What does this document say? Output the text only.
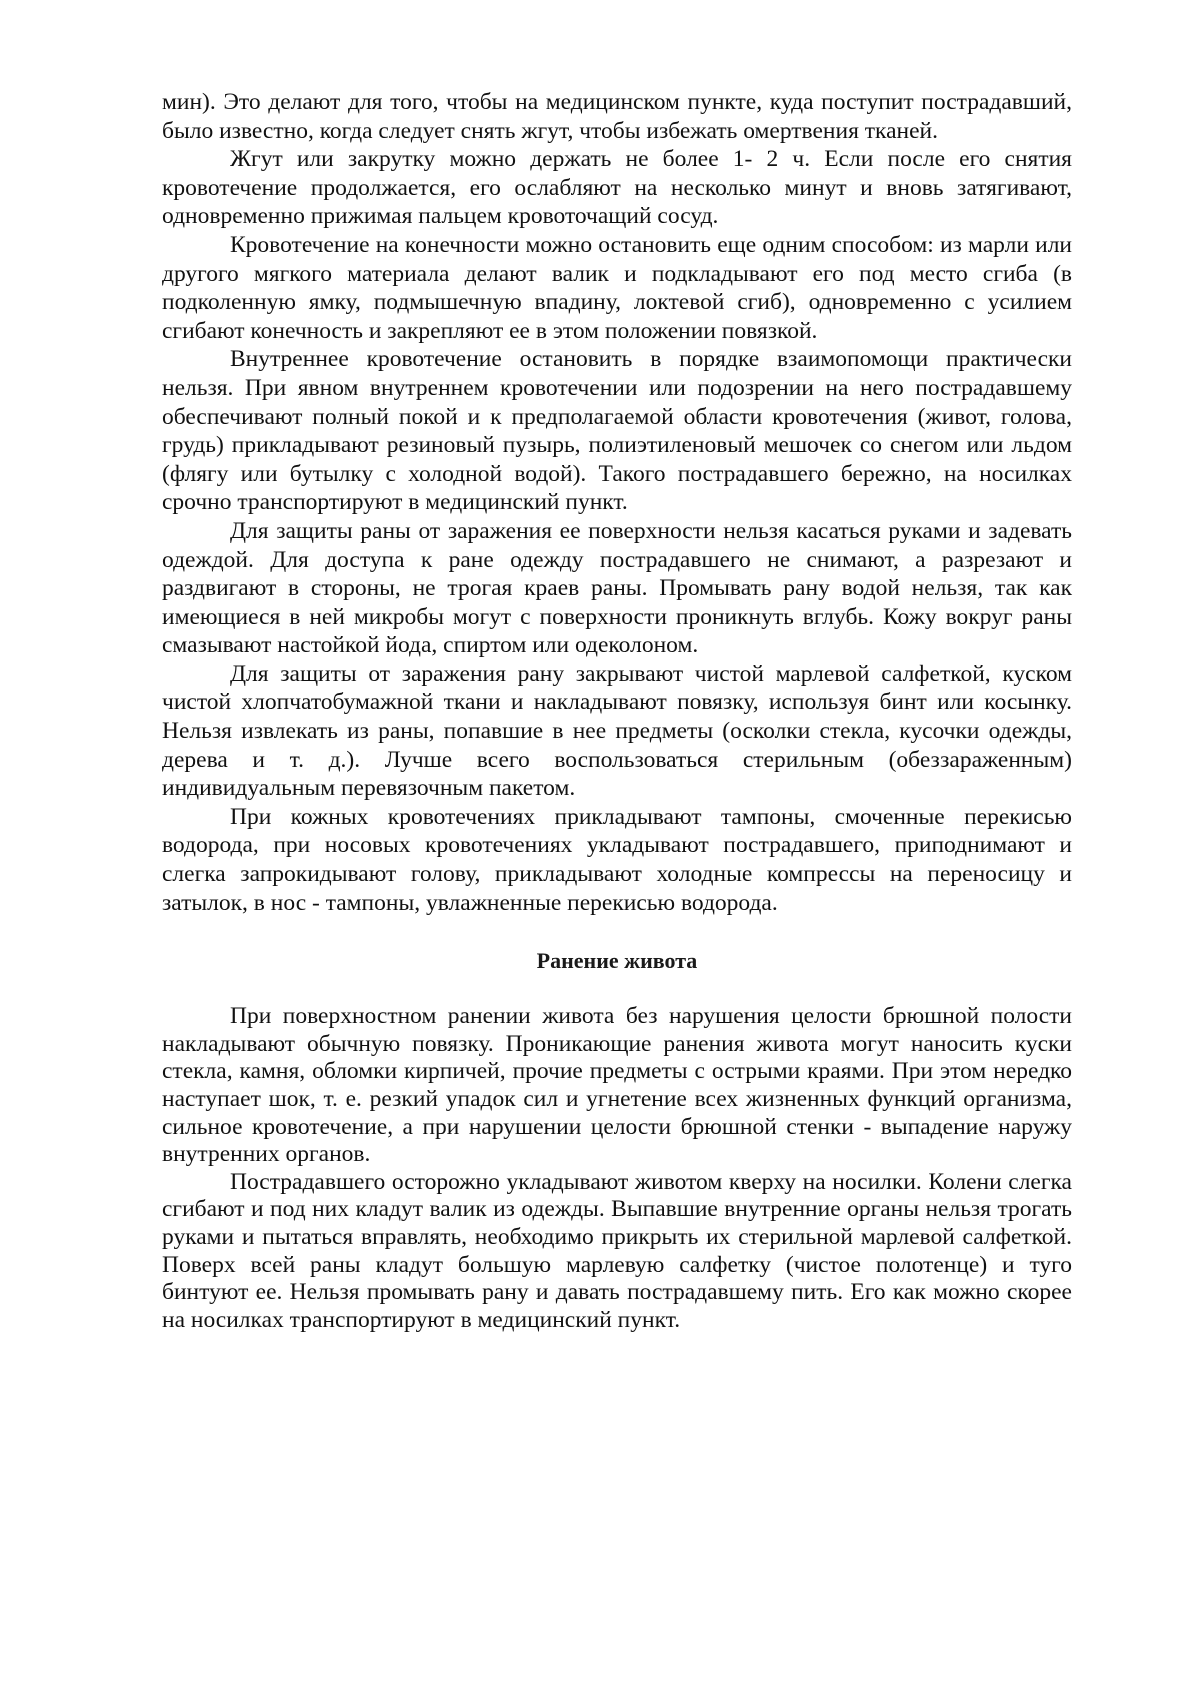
мин). Это делают для того, чтобы на медицинском пункте, куда поступит пострадавший, было известно, когда следует снять жгут, чтобы избежать омертвения тканей.

Жгут или закрутку можно держать не более 1- 2 ч. Если после его снятия кровотечение продолжается, его ослабляют на несколько минут и вновь затягивают, одновременно прижимая пальцем кровоточащий сосуд.

Кровотечение на конечности можно остановить еще одним способом: из марли или другого мягкого материала делают валик и подкладывают его под место сгиба (в подколенную ямку, подмышечную впадину, локтевой сгиб), одновременно с усилием сгибают конечность и закрепляют ее в этом положении повязкой.

Внутреннее кровотечение остановить в порядке взаимопомощи практически нельзя. При явном внутреннем кровотечении или подозрении на него пострадавшему обеспечивают полный покой и к предполагаемой области кровотечения (живот, голова, грудь) прикладывают резиновый пузырь, полиэтиленовый мешочек со снегом или льдом (флягу или бутылку с холодной водой). Такого пострадавшего бережно, на носилках срочно транспортируют в медицинский пункт.

Для защиты раны от заражения ее поверхности нельзя касаться руками и задевать одеждой. Для доступа к ране одежду пострадавшего не снимают, а разрезают и раздвигают в стороны, не трогая краев раны. Промывать рану водой нельзя, так как имеющиеся в ней микробы могут с поверхности проникнуть вглубь. Кожу вокруг раны смазывают настойкой йода, спиртом или одеколоном.

Для защиты от заражения рану закрывают чистой марлевой салфеткой, куском чистой хлопчатобумажной ткани и накладывают повязку, используя бинт или косынку. Нельзя извлекать из раны, попавшие в нее предметы (осколки стекла, кусочки одежды, дерева и т. д.). Лучше всего воспользоваться стерильным (обеззараженным) индивидуальным перевязочным пакетом.

При кожных кровотечениях прикладывают тампоны, смоченные перекисью водорода, при носовых кровотечениях укладывают пострадавшего, приподнимают и слегка запрокидывают голову, прикладывают холодные компрессы на переносицу и затылок, в нос - тампоны, увлажненные перекисью водорода.

Ранение живота

При поверхностном ранении живота без нарушения целости брюшной полости накладывают обычную повязку. Проникающие ранения живота могут наносить куски стекла, камня, обломки кирпичей, прочие предметы с острыми краями. При этом нередко наступает шок, т. е. резкий упадок сил и угнетение всех жизненных функций организма, сильное кровотечение, а при нарушении целости брюшной стенки - выпадение наружу внутренних органов.

Пострадавшего осторожно укладывают животом кверху на носилки. Колени слегка сгибают и под них кладут валик из одежды. Выпавшие внутренние органы нельзя трогать руками и пытаться вправлять, необходимо прикрыть их стерильной марлевой салфеткой. Поверх всей раны кладут большую марлевую салфетку (чистое полотенце) и туго бинтуют ее. Нельзя промывать рану и давать пострадавшему пить. Его как можно скорее на носилках транспортируют в медицинский пункт.
